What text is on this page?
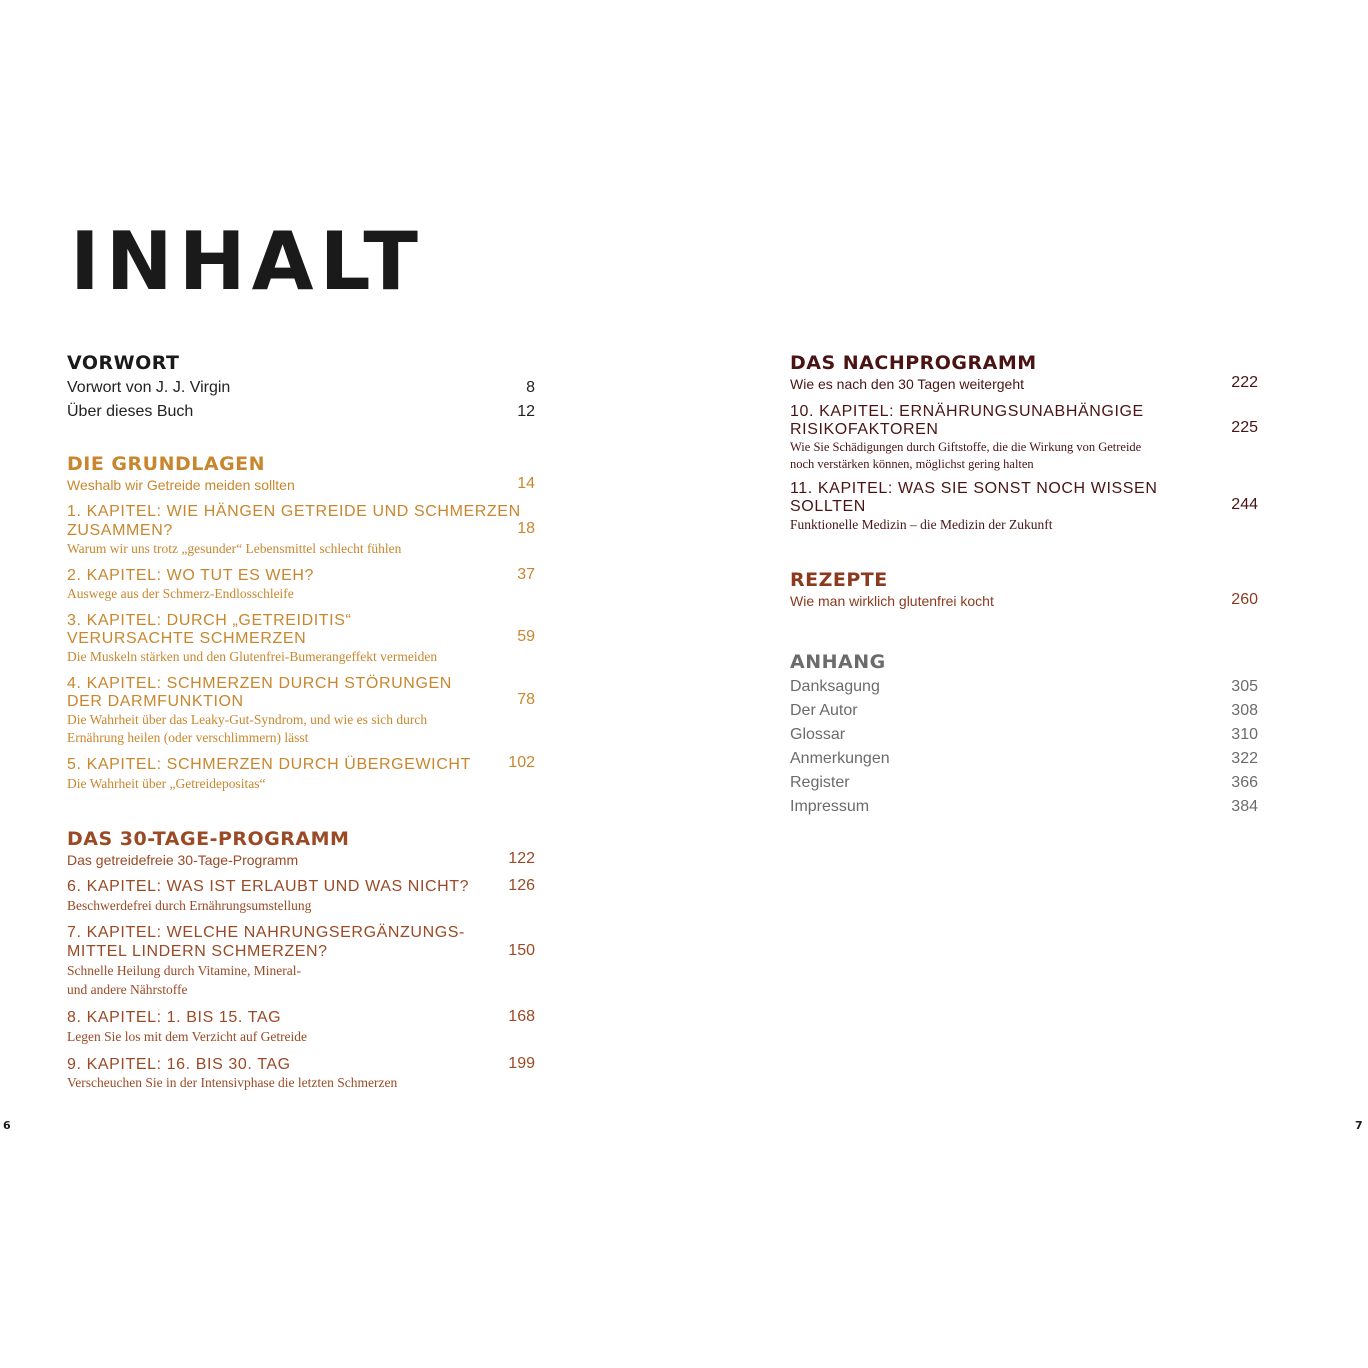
INHALT
VORWORT
Vorwort von J. J. Virgin	8
Über dieses Buch	12
DIE GRUNDLAGEN
Weshalb wir Getreide meiden sollten	14
1. KAPITEL: WIE HÄNGEN GETREIDE UND SCHMERZEN
ZUSAMMEN?	18
Warum wir uns trotz „gesunder“ Lebensmittel schlecht fühlen
2. KAPITEL: WO TUT ES WEH?	37
Auswege aus der Schmerz-Endlosschleife
3. KAPITEL: DURCH „GETREIDITIS“
VERURSACHTE SCHMERZEN	59
Die Muskeln stärken und den Glutenfrei-Bumerangeffekt vermeiden
4. KAPITEL: SCHMERZEN DURCH STÖRUNGEN
DER DARMFUNKTION	78
Die Wahrheit über das Leaky-Gut-Syndrom, und wie es sich durch
Ernährung heilen (oder verschlimmern) lässt
5. KAPITEL: SCHMERZEN DURCH ÜBERGEWICHT	102
Die Wahrheit über „Getreidepositas“
DAS 30-TAGE-PROGRAMM
Das getreidefreie 30-Tage-Programm	122
6. KAPITEL: WAS IST ERLAUBT UND WAS NICHT?	126
Beschwerdefrei durch Ernährungsumstellung
7. KAPITEL: WELCHE NAHRUNGSERGÄNZUNGS-
MITTEL LINDERN SCHMERZEN?	150
Schnelle Heilung durch Vitamine, Mineral-
und andere Nährstoffe
8. KAPITEL: 1. BIS 15. TAG	168
Legen Sie los mit dem Verzicht auf Getreide
9. KAPITEL: 16. BIS 30. TAG	199
Verscheuchen Sie in der Intensivphase die letzten Schmerzen
DAS NACHPROGRAMM
Wie es nach den 30 Tagen weitergeht	222
10. KAPITEL: ERNÄHRUNGSUNABHÄNGIGE
RISIKOFAKTOREN	225
Wie Sie Schädigungen durch Giftstoffe, die die Wirkung von Getreide
noch verstärken können, möglichst gering halten
11. KAPITEL: WAS SIE SONST NOCH WISSEN
SOLLTEN	244
Funktionelle Medizin – die Medizin der Zukunft
REZEPTE
Wie man wirklich glutenfrei kocht	260
ANHANG
Danksagung	305
Der Autor	308
Glossar	310
Anmerkungen	322
Register	366
Impressum	384
6	7
